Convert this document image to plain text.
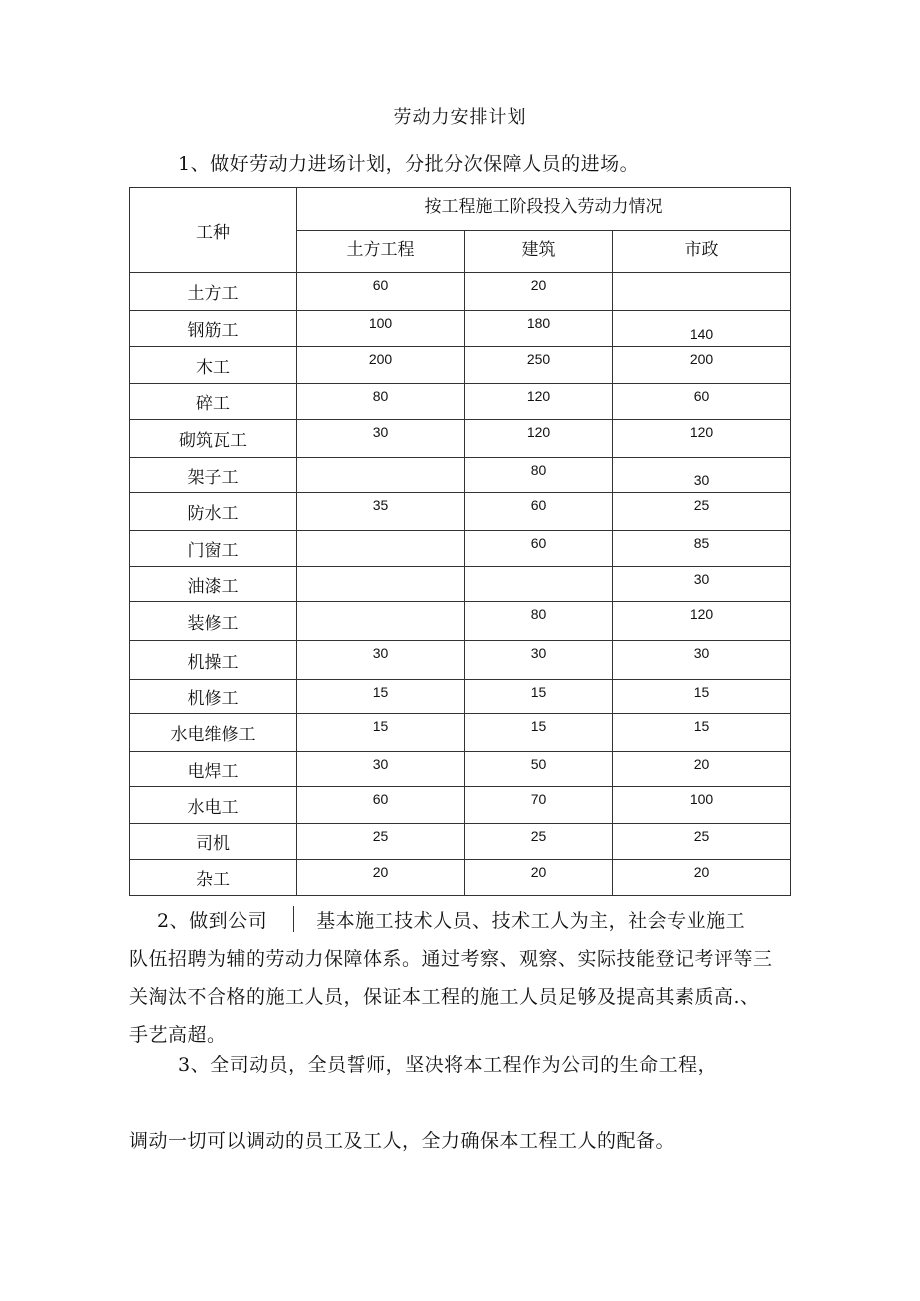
劳动力安排计划
1、做好劳动力进场计划，分批分次保障人员的进场。
工种	按工程施工阶段投入劳动力情况		
	土方工程	建筑	市政
土方工	60	20	
钢筋工	100	180	140
木工	200	250	200
碎工	80	120	60
砌筑瓦工	30	120	120
架子工		80	30
防水工	35	60	25
门窗工		60	85
油漆工			30
装修工		80	120
机操工	30	30	30
机修工	15	15	15
水电维修工	15	15	15
电焊工	30	50	20
水电工	60	70	100
司机	25	25	25
杂工	20	20	20
2、做到公司	基本施工技术人员、技术工人为主，社会专业施工
队伍招聘为辅的劳动力保障体系。通过考察、观察、实际技能登记考评等三
关淘汰不合格的施工人员，保证本工程的施工人员足够及提高其素质高.、
手艺高超。
3、全司动员，全员誓师，坚决将本工程作为公司的生命工程，
调动一切可以调动的员工及工人，全力确保本工程工人的配备。
